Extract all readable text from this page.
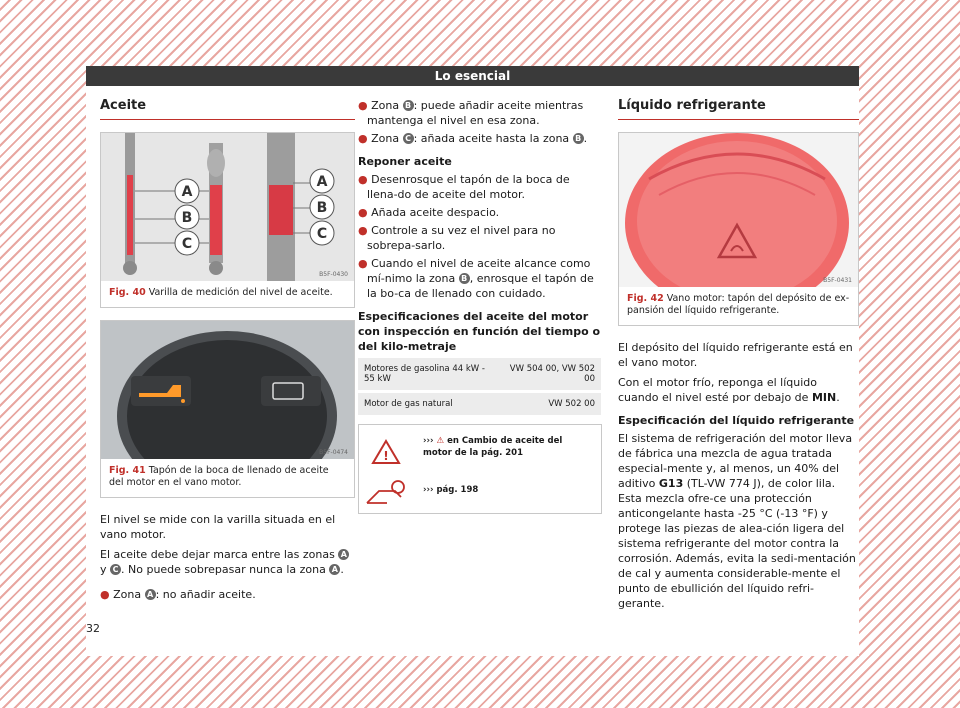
Lo esencial
Aceite
A
B
C
A
B
C
B5F-0430
Fig. 40 Varilla de medición del nivel de aceite.
B5F-0474
Fig. 41 Tapón de la boca de llenado de aceite del motor en el vano motor.

El nivel se mide con la varilla situada en el vano motor.

El aceite debe dejar marca entre las zonas A y C . No puede sobrepasar nunca la zona A .

● Zona A : no añadir aceite.
● Zona B : puede añadir aceite mientras mantenga el nivel en esa zona.
● Zona C : añada aceite hasta la zona B .
Reponer aceite
● Desenrosque el tapón de la boca de llena-do de aceite del motor.
● Añada aceite despacio.
● Controle a su vez el nivel para no sobrepa-sarlo.
● Cuando el nivel de aceite alcance como mí-nimo la zona B , enrosque el tapón de la bo-ca de llenado con cuidado.
Especificaciones del aceite del motor con inspección en función del tiempo o del kilo-metraje
Motores de gasolina 44 kW - 55 kW	VW 504 00, VW 502 00
Motor de gas natural	VW 502 00
!
››› ⚠ en Cambio de aceite del motor de la pág. 201
››› pág. 198
Líquido refrigerante
B5F-0431
Fig. 42 Vano motor: tapón del depósito de ex-pansión del líquido refrigerante.

El depósito del líquido refrigerante está en el vano motor.

Con el motor frío, reponga el líquido cuando el nivel esté por debajo de MIN.

Especificación del líquido refrigerante

El sistema de refrigeración del motor lleva de fábrica una mezcla de agua tratada especial-mente y, al menos, un 40% del aditivo G13 (TL-VW 774 J), de color lila. Esta mezcla ofre-ce una protección anticongelante hasta -25 °C (-13 °F) y protege las piezas de alea-ción ligera del sistema refrigerante del motor contra la corrosión. Además, evita la sedi-mentación de cal y aumenta considerable-mente el punto de ebullición del líquido refri-gerante.

32
